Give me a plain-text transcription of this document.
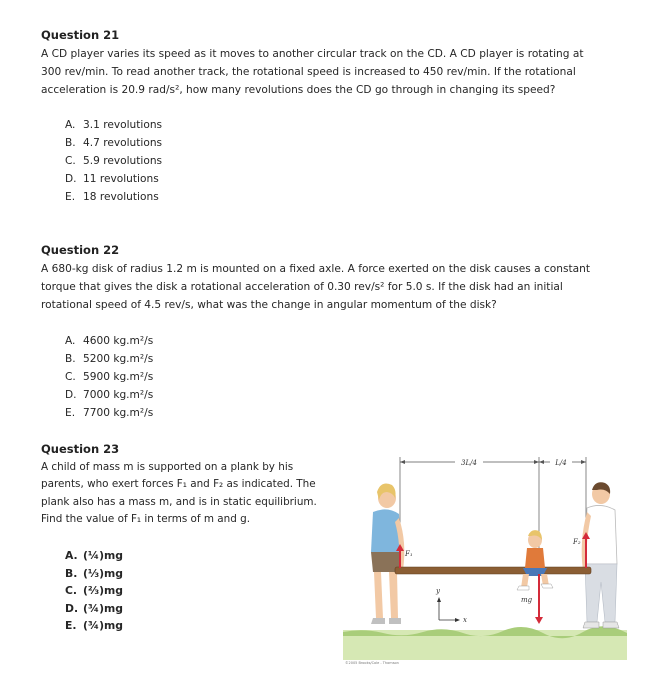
Question 21

A CD player varies its speed as it moves to another circular track on the CD. A CD player is rotating at
300 rev/min. To read another track, the rotational speed is increased to 450 rev/min. If the rotational
acceleration is 20.9 rad/s², how many revolutions does the CD go through in changing its speed?

A. 3.1 revolutions
B. 4.7 revolutions
C. 5.9 revolutions
D. 11 revolutions
E. 18 revolutions

Question 22

A 680-kg disk of radius 1.2 m is mounted on a fixed axle. A force exerted on the disk causes a constant
torque that gives the disk a rotational acceleration of 0.30 rev/s² for 5.0 s. If the disk had an initial
rotational speed of 4.5 rev/s, what was the change in angular momentum of the disk?

A. 4600 kg.m²/s
B. 5200 kg.m²/s
C. 5900 kg.m²/s
D. 7000 kg.m²/s
E. 7700 kg.m²/s

Question 23

A child of mass m is supported on a plank by his
parents, who exert forces F₁ and F₂ as indicated. The
plank also has a mass m, and is in static equilibrium.
Find the value of F₁ in terms of m and g.

A. (¼)mg
B. (⅓)mg
C. (⅔)mg
D. (¾)mg
E. (¾)mg
3L/4	L/4
F₁
F₂
mg
y
x
©2005 Brooks/Cole - Thomson
